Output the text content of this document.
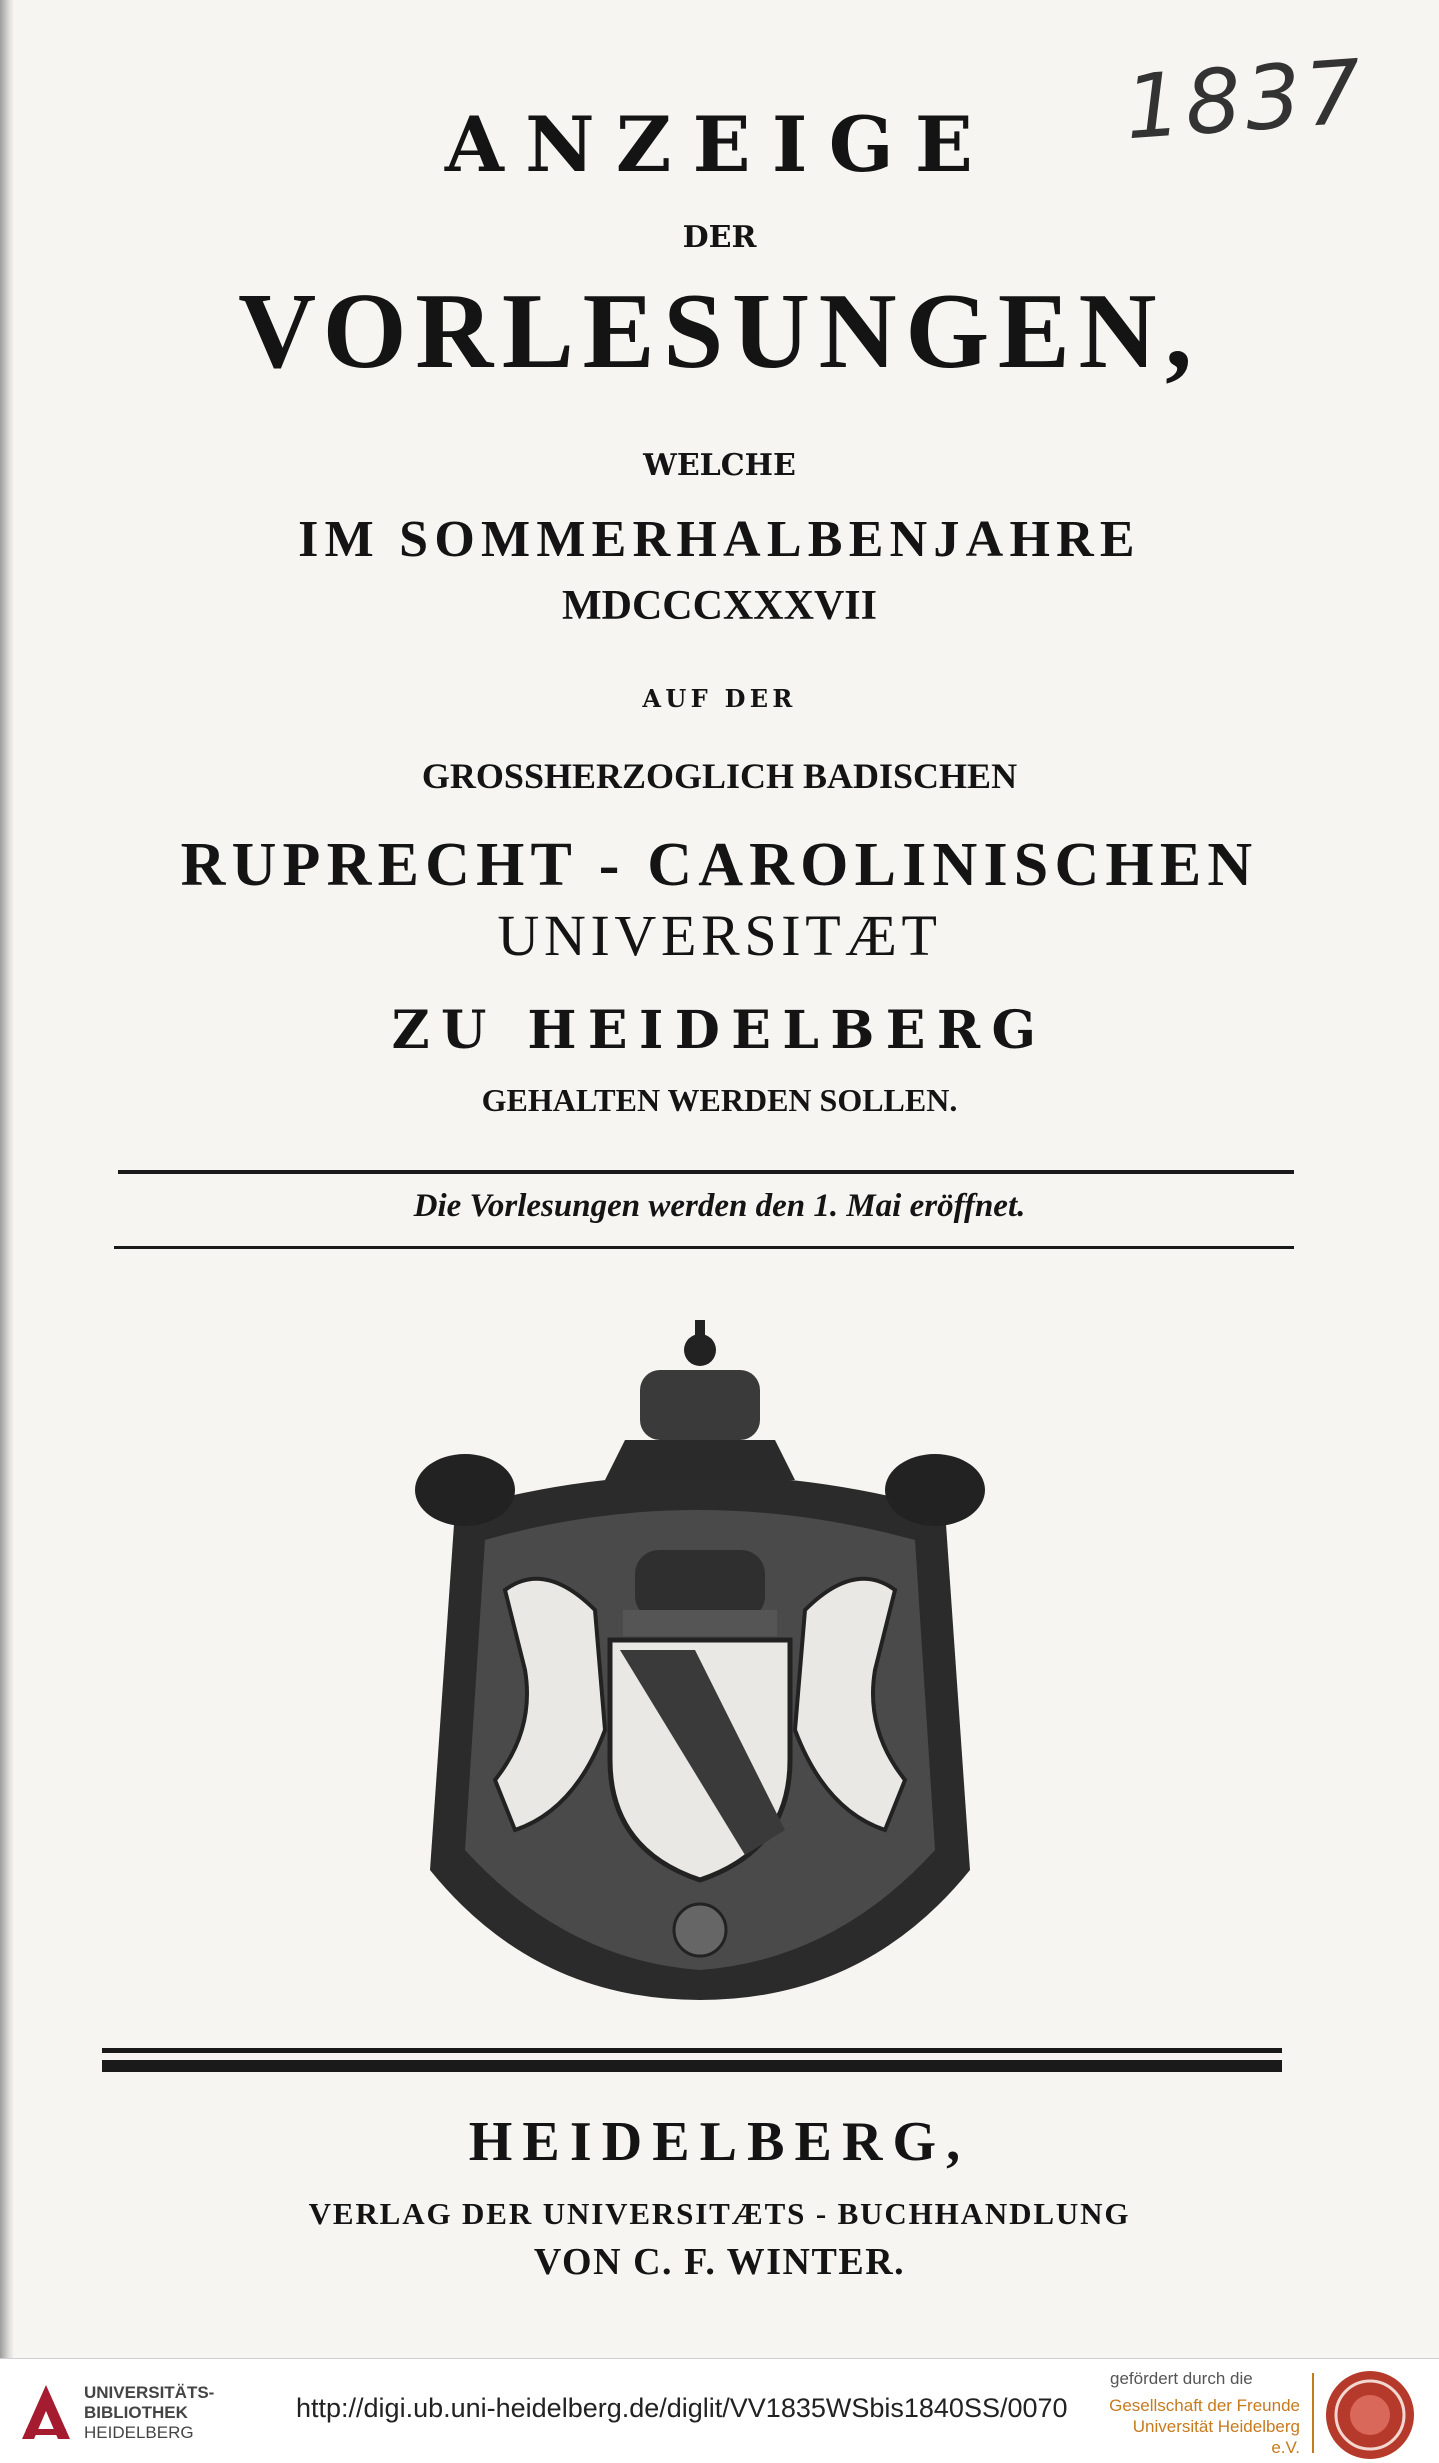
1837
ANZEIGE
DER
VORLESUNGEN,
WELCHE
IM SOMMERHALBENJAHRE
MDCCCXXXVII
AUF DER
GROSSHERZOGLICH BADISCHEN
RUPRECHT - CAROLINISCHEN
UNIVERSITÆT
ZU HEIDELBERG
GEHALTEN WERDEN SOLLEN.
Die Vorlesungen werden den 1. Mai eröffnet.
HEIDELBERG,
VERLAG DER UNIVERSITÆTS - BUCHHANDLUNG
VON C. F. WINTER.
UNIVERSITÄTS-
BIBLIOTHEK
HEIDELBERG
http://digi.ub.uni-heidelberg.de/diglit/VV1835WSbis1840SS/0070
gefördert durch die
Gesellschaft der Freunde
Universität Heidelberg e.V.
